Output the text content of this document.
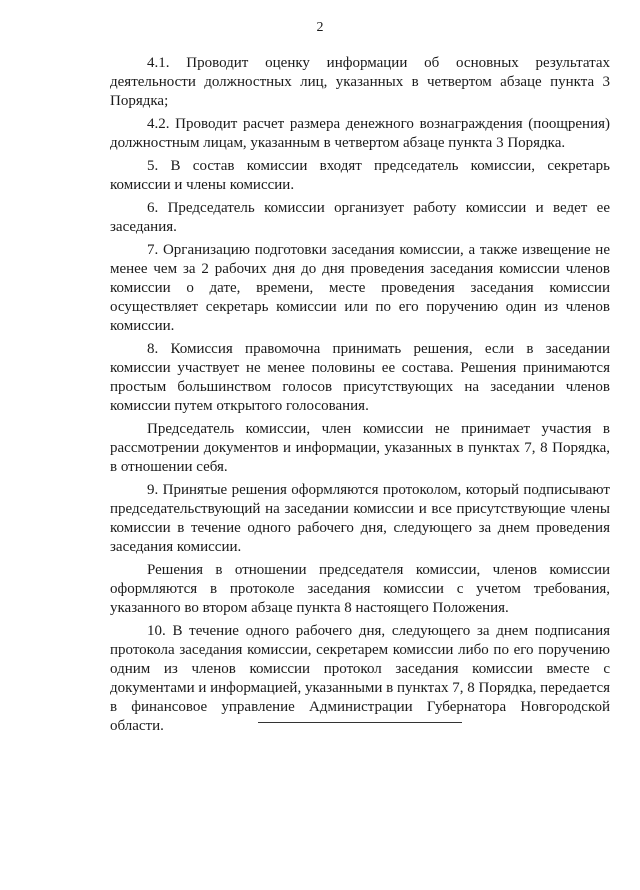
2

4.1. Проводит оценку информации об основных результатах деятельности должностных лиц, указанных в четвертом абзаце пункта 3 Порядка;

4.2. Проводит расчет размера денежного вознаграждения (поощрения) должностным лицам, указанным в четвертом абзаце пункта 3 Порядка.

5. В состав комиссии входят председатель комиссии, секретарь комиссии и члены комиссии.

6. Председатель комиссии организует работу комиссии и ведет ее заседания.

7. Организацию подготовки заседания комиссии, а также извещение не менее чем за 2 рабочих дня до дня проведения заседания комиссии членов комиссии о дате, времени, месте проведения заседания комиссии осуществляет секретарь комиссии или по его поручению один из членов комиссии.

8. Комиссия правомочна принимать решения, если в заседании комиссии участвует не менее половины ее состава. Решения принимаются простым большинством голосов присутствующих на заседании членов комиссии путем открытого голосования.

Председатель комиссии, член комиссии не принимает участия в рассмотрении документов и информации, указанных в пунктах 7, 8 Порядка, в отношении себя.

9. Принятые решения оформляются протоколом, который подписывают председательствующий на заседании комиссии и все присутствующие члены комиссии в течение одного рабочего дня, следующего за днем проведения заседания комиссии.

Решения в отношении председателя комиссии, членов комиссии оформляются в протоколе заседания комиссии с учетом требования, указанного во втором абзаце пункта 8 настоящего Положения.

10. В течение одного рабочего дня, следующего за днем подписания протокола заседания комиссии, секретарем комиссии либо по его поручению одним из членов комиссии протокол заседания комиссии вместе с документами и информацией, указанными в пунктах 7, 8 Порядка, передается в финансовое управление Администрации Губернатора Новгородской области.
